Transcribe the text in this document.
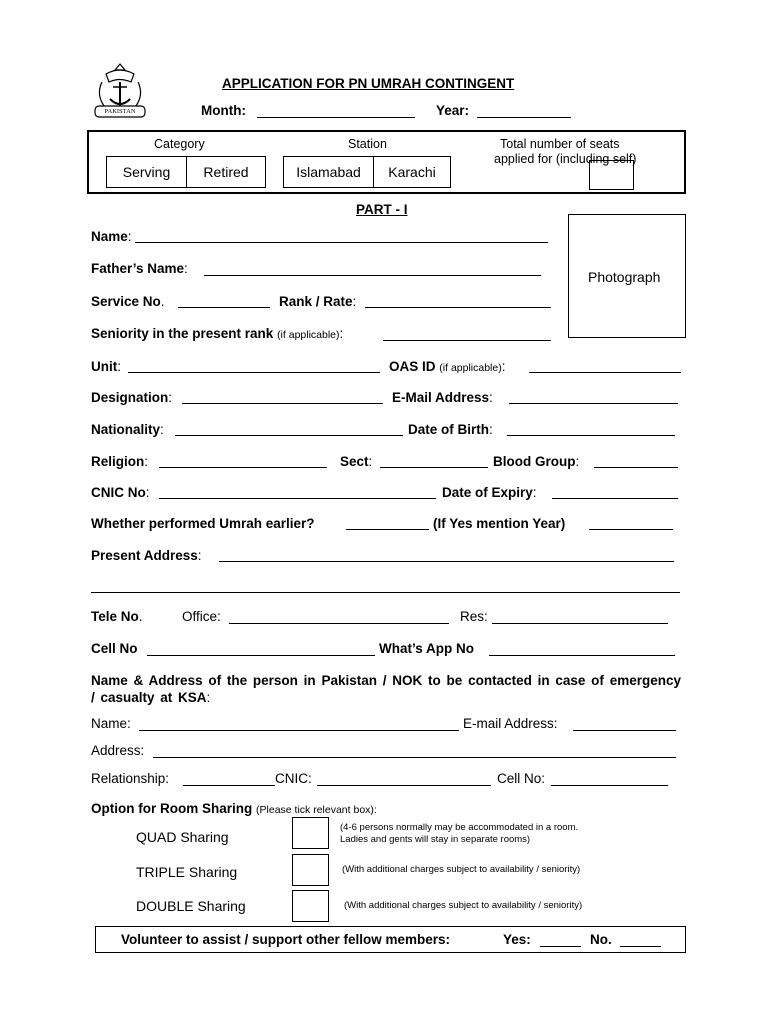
PAKISTAN
APPLICATION FOR PN UMRAH CONTINGENT
Month:	Year:
Category
Serving	Retired
Station
Islamabad	Karachi
Total number of seats
applied for (including self)
PART - I
Photograph
Name:
Father’s Name:
Service No.	Rank / Rate:
Seniority in the present rank (if applicable):
Unit:	OAS ID (if applicable):
Designation:	E-Mail Address:
Nationality:	Date of Birth:
Religion:	Sect:	Blood Group:
CNIC No:	Date of Expiry:
Whether performed Umrah earlier?	(If Yes mention Year)
Present Address:
Tele No.	Office:	Res:
Cell No	What’s App No
Name & Address of the person in Pakistan / NOK to be contacted in case of emergency / casualty at KSA:
Name:	E-mail Address:
Address:
Relationship:	CNIC:	Cell No:
Option for Room Sharing (Please tick relevant box):
QUAD Sharing
(4-6 persons normally may be accommodated in a room.
Ladies and gents will stay in separate rooms)
TRIPLE Sharing	(With additional charges subject to availability / seniority)
DOUBLE Sharing	(With additional charges subject to availability / seniority)
Volunteer to assist / support other fellow members:	Yes:	No.
